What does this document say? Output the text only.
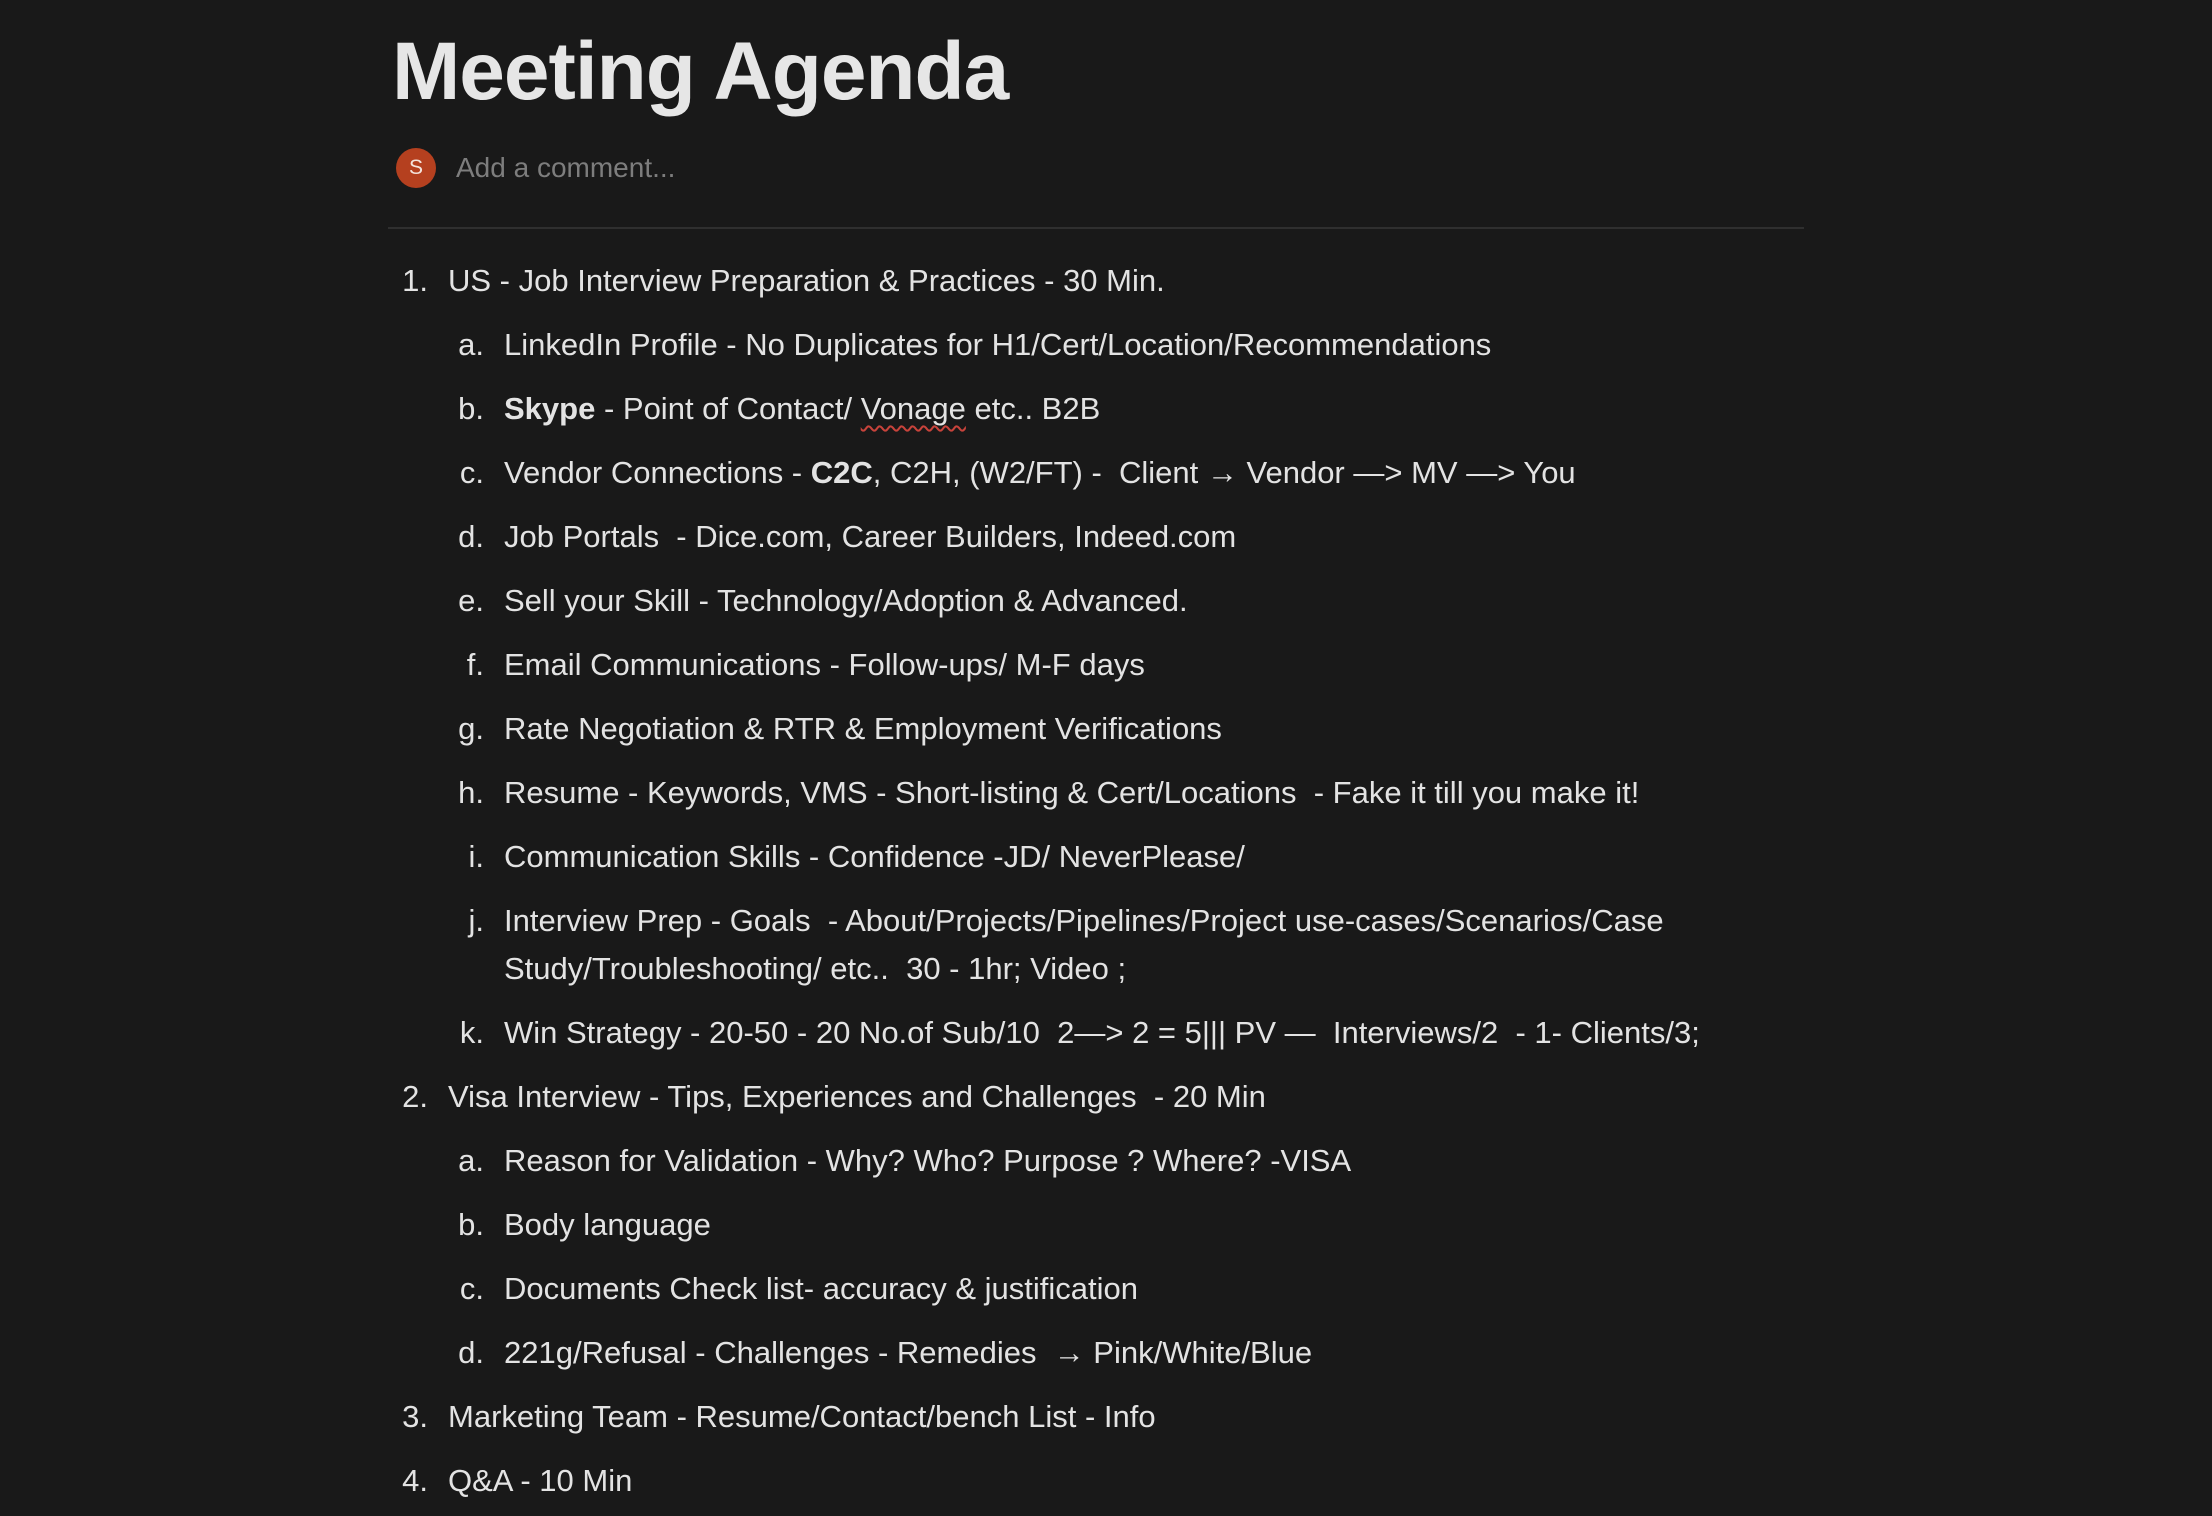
Meeting Agenda
S
Add a comment...
1. US - Job Interview Preparation & Practices - 30 Min.
a. LinkedIn Profile - No Duplicates for H1/Cert/Location/Recommendations
b. Skype - Point of Contact/ Vonage etc.. B2B
c. Vendor Connections - C2C, C2H, (W2/FT) -  Client → Vendor —> MV —> You
d. Job Portals  - Dice.com, Career Builders, Indeed.com
e. Sell your Skill - Technology/Adoption & Advanced.
f. Email Communications - Follow-ups/ M-F days
g. Rate Negotiation & RTR & Employment Verifications
h. Resume - Keywords, VMS - Short-listing & Cert/Locations  - Fake it till you make it!
i. Communication Skills - Confidence -JD/ NeverPlease/
j. Interview Prep - Goals  - About/Projects/Pipelines/Project use-cases/Scenarios/Case Study/Troubleshooting/ etc..  30 - 1hr; Video ;
k. Win Strategy - 20-50 - 20 No.of Sub/10  2—> 2 = 5||| PV —  Interviews/2  - 1- Clients/3;
2. Visa Interview - Tips, Experiences and Challenges  - 20 Min
a. Reason for Validation - Why? Who? Purpose ? Where? -VISA
b. Body language
c. Documents Check list- accuracy & justification
d. 221g/Refusal - Challenges - Remedies  → Pink/White/Blue
3. Marketing Team - Resume/Contact/bench List - Info
4. Q&A - 10 Min
